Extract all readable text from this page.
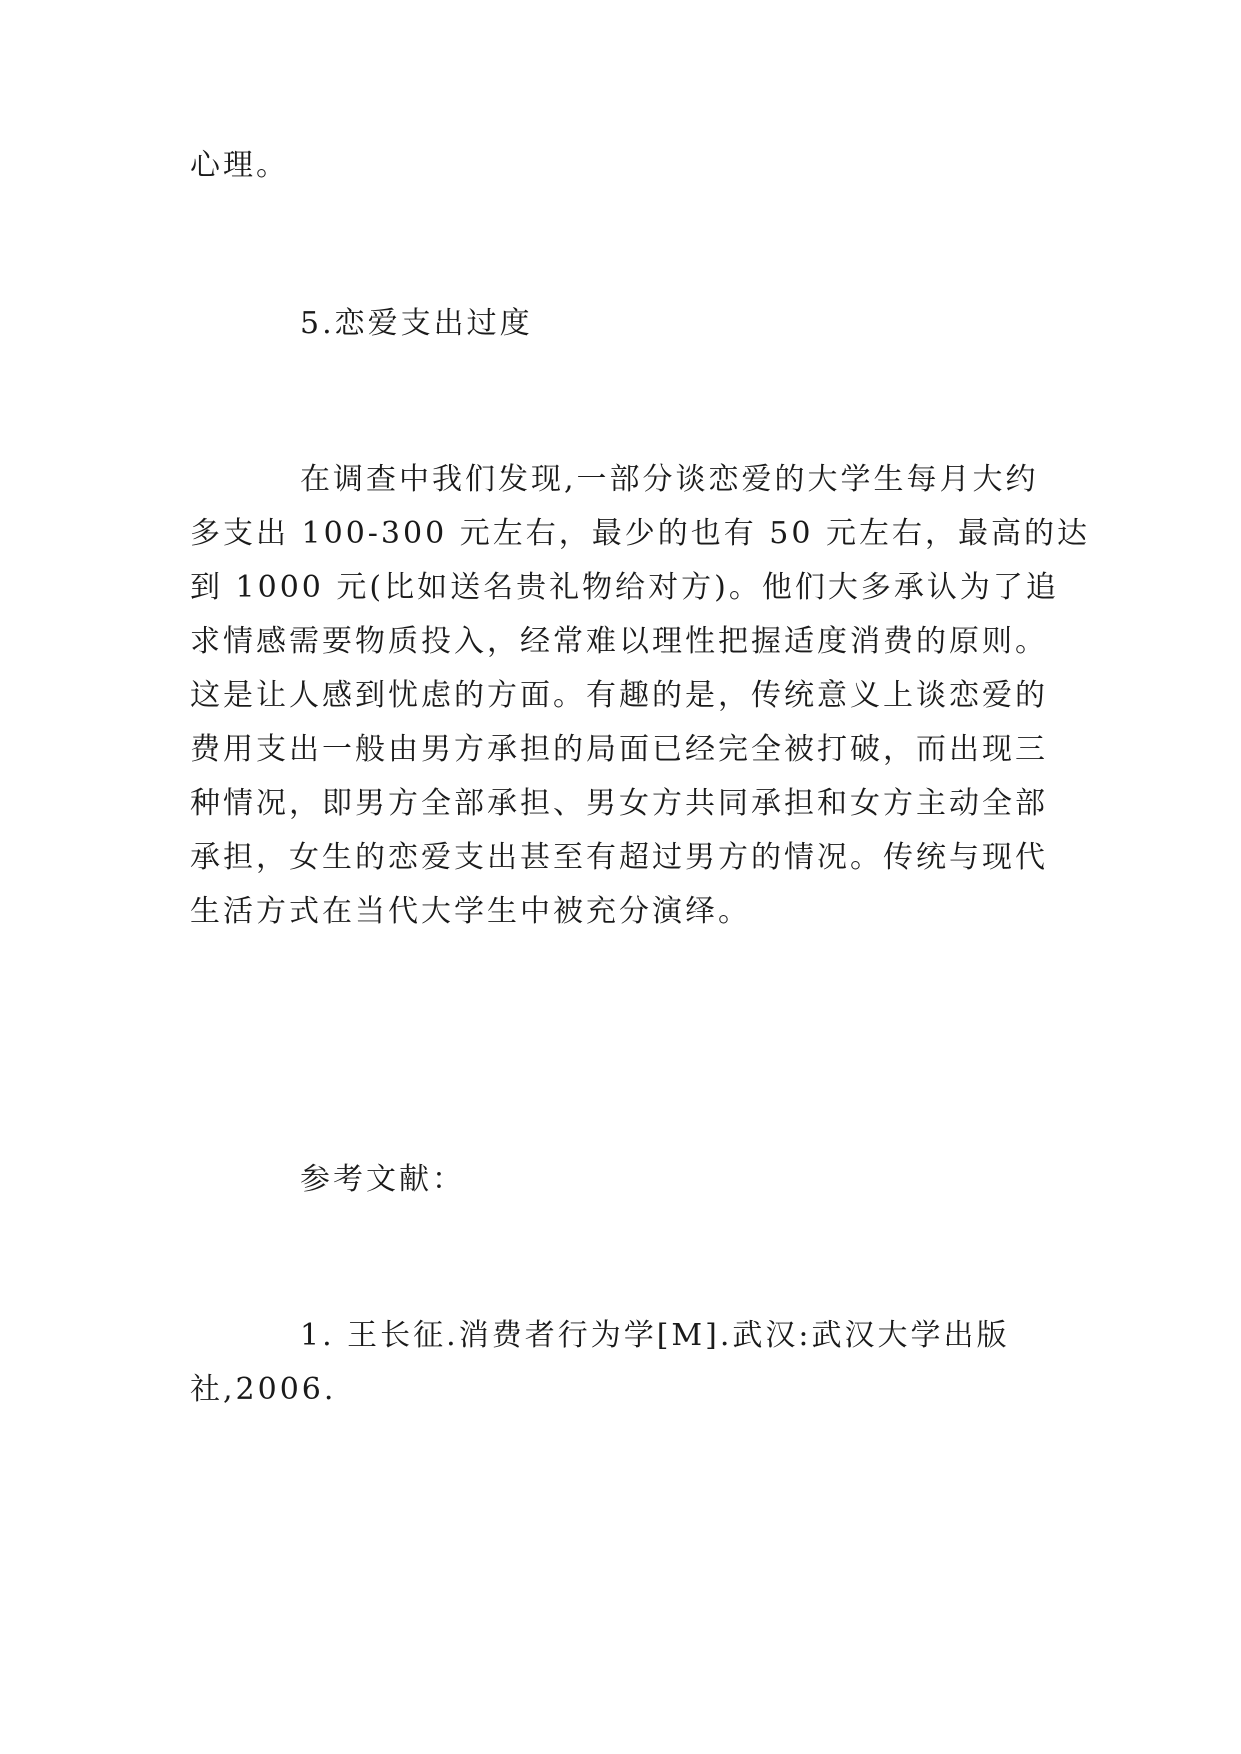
心理。
5.恋爱支出过度
在调查中我们发现,一部分谈恋爱的大学生每月大约
多支出 100-300 元左右，最少的也有 50 元左右，最高的达
到 1000 元(比如送名贵礼物给对方)。他们大多承认为了追
求情感需要物质投入，经常难以理性把握适度消费的原则。
这是让人感到忧虑的方面。有趣的是，传统意义上谈恋爱的
费用支出一般由男方承担的局面已经完全被打破，而出现三
种情况，即男方全部承担、男女方共同承担和女方主动全部
承担，女生的恋爱支出甚至有超过男方的情况。传统与现代
生活方式在当代大学生中被充分演绎。
参考文献：
1. 王长征.消费者行为学[M].武汉:武汉大学出版
社,2006.
